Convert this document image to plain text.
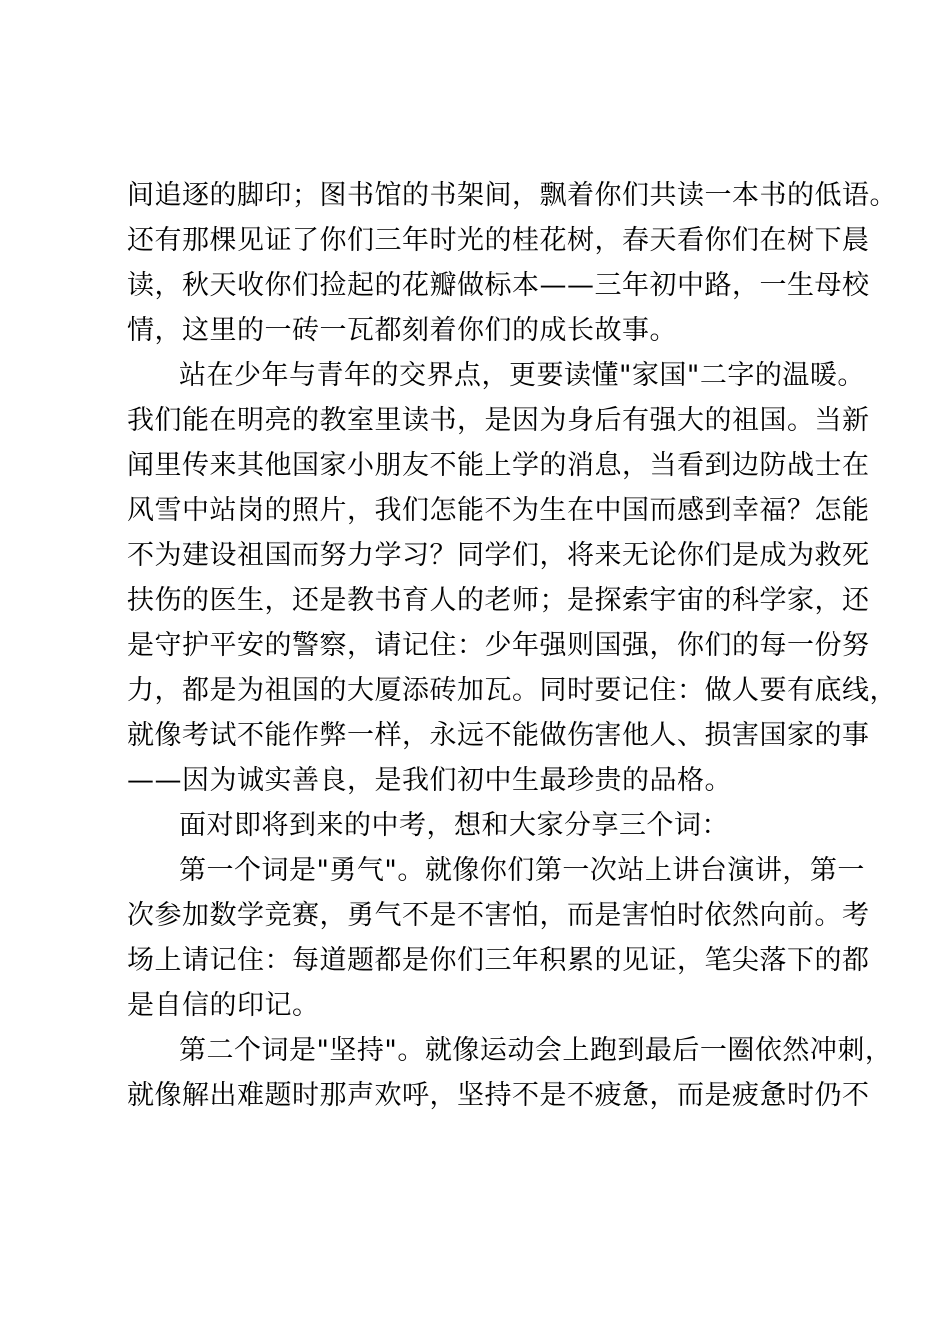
间追逐的脚印；图书馆的书架间，飘着你们共读一本书的低语。
还有那棵见证了你们三年时光的桂花树，春天看你们在树下晨
读，秋天收你们捡起的花瓣做标本——三年初中路，一生母校
情，这里的一砖一瓦都刻着你们的成长故事。
站在少年与青年的交界点，更要读懂"家国"二字的温暖。
我们能在明亮的教室里读书，是因为身后有强大的祖国。当新
闻里传来其他国家小朋友不能上学的消息，当看到边防战士在
风雪中站岗的照片，我们怎能不为生在中国而感到幸福？怎能
不为建设祖国而努力学习？同学们，将来无论你们是成为救死
扶伤的医生，还是教书育人的老师；是探索宇宙的科学家，还
是守护平安的警察，请记住：少年强则国强，你们的每一份努
力，都是为祖国的大厦添砖加瓦。同时要记住：做人要有底线，
就像考试不能作弊一样，永远不能做伤害他人、损害国家的事
——因为诚实善良，是我们初中生最珍贵的品格。
面对即将到来的中考，想和大家分享三个词：
第一个词是"勇气"。就像你们第一次站上讲台演讲，第一
次参加数学竞赛，勇气不是不害怕，而是害怕时依然向前。考
场上请记住：每道题都是你们三年积累的见证，笔尖落下的都
是自信的印记。
第二个词是"坚持"。就像运动会上跑到最后一圈依然冲刺，
就像解出难题时那声欢呼，坚持不是不疲惫，而是疲惫时仍不
